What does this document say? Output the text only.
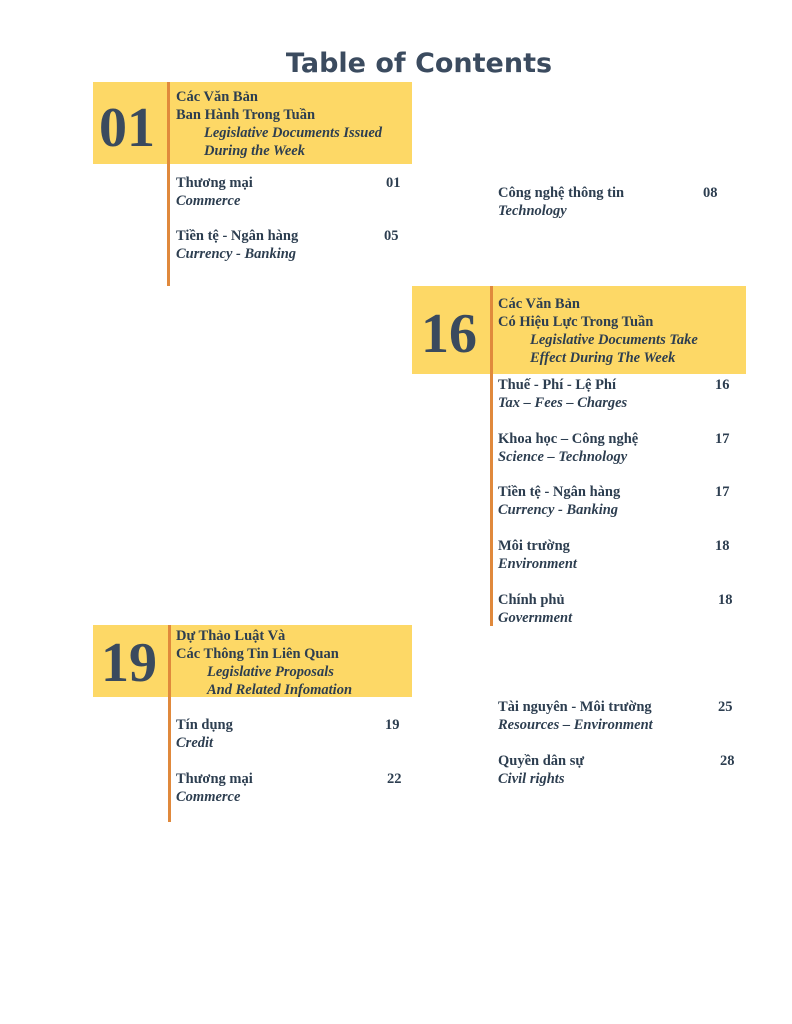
Table of Contents
01 Các Văn Bản
Ban Hành Trong Tuần
Legislative Documents Issued
During the Week
Thương mại
Commerce
01
Tiền tệ - Ngân hàng
Currency - Banking
05
Công nghệ thông tin
Technology
08
16 Các Văn Bản
Có Hiệu Lực Trong Tuần
Legislative Documents Take
Effect During The Week
Thuế - Phí - Lệ Phí
Tax – Fees – Charges
16
Khoa học – Công nghệ
Science – Technology
17
Tiền tệ - Ngân hàng
Currency - Banking
17
Môi trường
Environment
18
Chính phủ
Government
18
19 Dự Thảo Luật Và
Các Thông Tin Liên Quan
Legislative Proposals
And Related Infomation
Tín dụng
Credit
19
Thương mại
Commerce
22
Tài nguyên - Môi trường
Resources – Environment
25
Quyền dân sự
Civil rights
28
